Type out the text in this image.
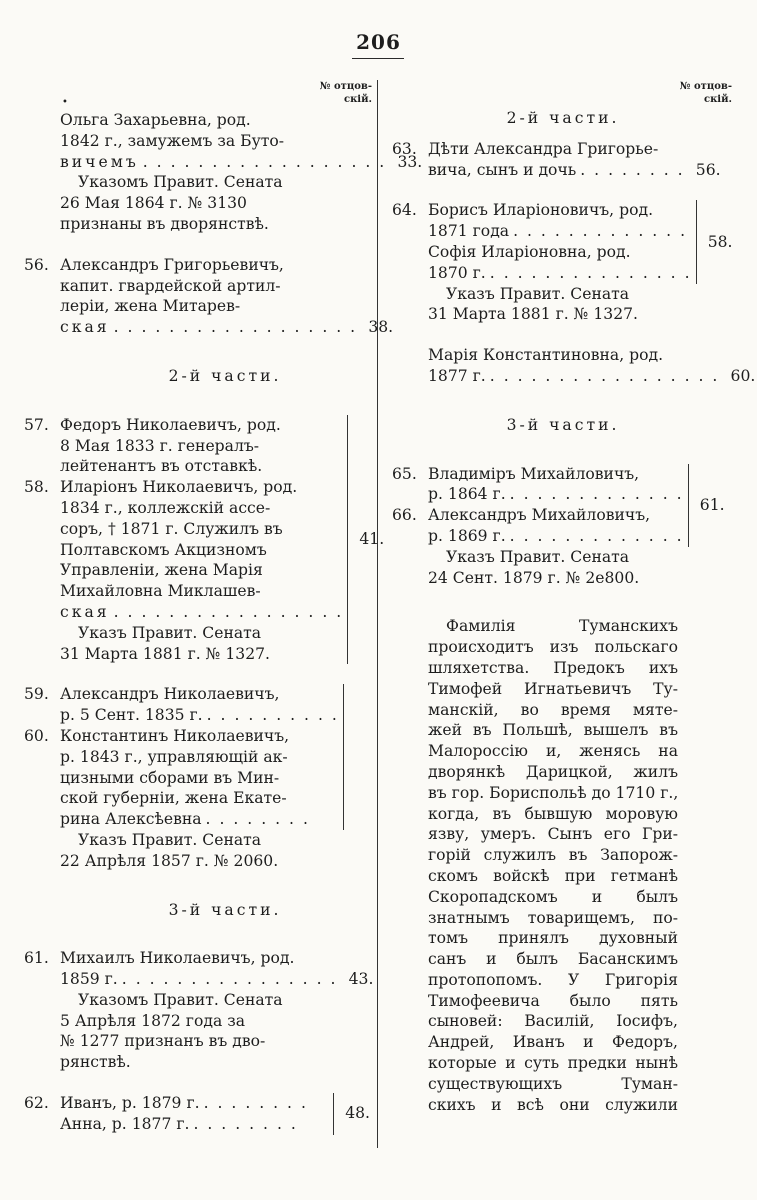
206
№ отцов-
скій.
№ отцов-
скій.
•
Ольга Захарьевна, род.
1842 г., замужемъ за Буто-
вичемъ . . . . . . . . . . . . . . . . . . 33.
Указомъ Правит. Сената
26 Мая 1864 г. № 3130
признаны въ дворянствѣ.
56. Александръ Григорьевичъ,
капит. гвардейской артил-
леріи, жена Митарев-
ская . . . . . . . . . . . . . . . . . . 38.
2-й части.
57. Федоръ Николаевичъ, род.
8 Мая 1833 г. генералъ-
лейтенантъ въ отставкѣ.
58. Иларіонъ Николаевичъ, род.
1834 г., коллежскій ассе-
соръ, † 1871 г. Служилъ въ
Полтавскомъ Акцизномъ
Управленіи, жена Марія
Михайловна Миклашев-
ская . . . . . . . . . . . . . . . . .
Указъ Правит. Сената
31 Марта 1881 г. № 1327.
41.
59. Александръ Николаевичъ,
р. 5 Сент. 1835 г. . . . . . . . . . .
60. Константинъ Николаевичъ,
р. 1843 г., управляющій ак-
цизными сборами въ Мин-
ской губерніи, жена Екате-
рина Алексѣевна . . . . . . . .
Указъ Правит. Сената
22 Апрѣля 1857 г. № 2060.
3-й части.
61. Михаилъ Николаевичъ, род.
1859 г. . . . . . . . . . . . . . . . . 43.
Указомъ Правит. Сената
5 Апрѣля 1872 года за
№ 1277 признанъ въ дво-
рянствѣ.
62. Иванъ, р. 1879 г. . . . . . . . .
Анна, р. 1877 г. . . . . . . . .
48.
2-й части.
63. Дѣти Александра Григорье-
вича, сынъ и дочь . . . . . . . . 56.
64. Борисъ Иларіоновичъ, род.
1871 года . . . . . . . . . . . . .
Софія Иларіоновна, род.
1870 г. . . . . . . . . . . . . . . .
58.
Указъ Правит. Сената
31 Марта 1881 г. № 1327.
Марія Константиновна, род.
1877 г. . . . . . . . . . . . . . . . . . 60.
3-й части.
65. Владиміръ Михайловичъ,
р. 1864 г. . . . . . . . . . . . . .
66. Александръ Михайловичъ,
р. 1869 г. . . . . . . . . . . . . .
61.
Указъ Правит. Сената
24 Сент. 1879 г. № 2е800.
Фамилія Туманскихъ
происходитъ изъ польскаго
шляхетства. Предокъ ихъ
Тимофей Игнатьевичъ Ту-
манскій, во время мяте-
жей въ Польшѣ, вышелъ въ
Малороссію и, женясь на
дворянкѣ Дарицкой, жилъ
въ гор. Бориспольѣ до 1710 г.,
когда, въ бывшую моровую
язву, умеръ. Сынъ его Гри-
горій служилъ въ Запорож-
скомъ войскѣ при гетманѣ
Скоропадскомъ и былъ
знатнымъ товарищемъ, по-
томъ принялъ духовный
санъ и былъ Басанскимъ
протопопомъ. У Григорія
Тимофеевича было пять
сыновей: Василій, Іосифъ,
Андрей, Иванъ и Федоръ,
которые и суть предки нынѣ
существующихъ Туман-
скихъ и всѣ они служили
